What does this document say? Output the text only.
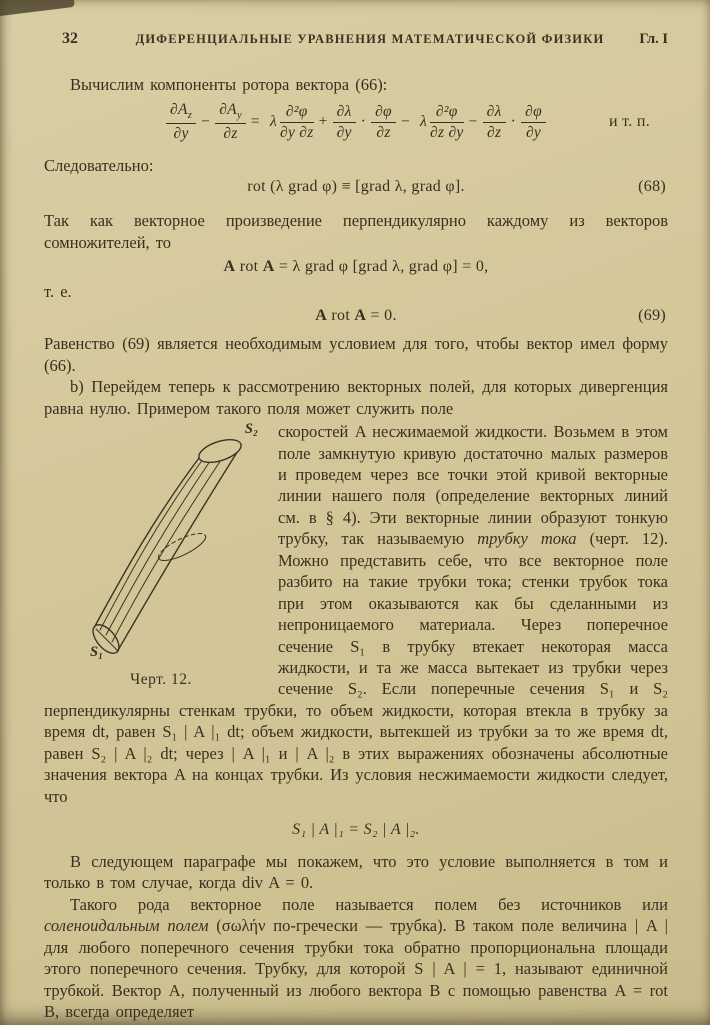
32	ДИФЕРЕНЦИАЛЬНЫЕ УРАВНЕНИЯ МАТЕМАТИЧЕСКОЙ ФИЗИКИ	Гл. I

Вычислим компоненты ротора вектора (66):

$\frac{\partial A_z}{\partial y} - \frac{\partial A_y}{\partial z} = \lambda \frac{\text{∂²φ}}{\partial y \partial z} + \frac{\partial\lambda}{\partial y} \cdot \frac{\partial\varphi}{\partial z} - \lambda \frac{\text{∂²φ}}{\partial z \partial y} - \frac{\partial\lambda}{\partial z} \cdot \frac{\partial\varphi}{\partial y}$	и т. п.

Следовательно:

rot (λ grad φ) ≡ [grad λ, grad φ].	(68)

Так как векторное произведение перпендикулярно каждому из векторов сомножителей, то

A rot A = λ grad φ [grad λ, grad φ] = 0,

т. е.

A rot A = 0.	(69)

Равенство (69) является необходимым условием для того, чтобы вектор имел форму (66).

b) Перейдем теперь к рассмотрению векторных полей, для которых дивергенция равна нулю. Примером такого поля может служить поле

S₂
S₁
Черт. 12.

скоростей A несжимаемой жидкости. Возьмем в этом поле замкнутую кривую достаточно малых размеров и проведем через все точки этой кривой векторные линии нашего поля (определение векторных линий см. в § 4). Эти векторные линии образуют тонкую трубку, так называемую трубку тока (черт. 12). Можно представить себе, что все векторное поле разбито на такие трубки тока; стенки трубок тока при этом оказываются как бы сделанными из непроницаемого материала. Через поперечное сечение S₁ в трубку втекает некоторая масса жидкости, и та же масса вытекает из трубки через сечение S₂. Если поперечные сечения S₁ и S₂ перпендикулярны стенкам трубки, то объем жидкости, которая втекла в трубку за время dt, равен S₁ | A |₁ dt; объем жидкости, вытекшей из трубки за то же время dt, равен S₂ | A |₂ dt; через | A |₁ и | A |₂ в этих выражениях обозначены абсолютные значения вектора A на концах трубки. Из условия несжимаемости жидкости следует, что

S₁ | A |₁ = S₂ | A |₂.

В следующем параграфе мы покажем, что это условие выполняется в том и только в том случае, когда div A = 0.

Такого рода векторное поле называется полем без источников или соленоидальным полем (σωλήν по-гречески — трубка). В таком поле величина | A | для любого поперечного сечения трубки тока обратно пропорциональна площади этого поперечного сечения. Трубку, для которой S | A | = 1, называют единичной трубкой. Вектор A, полученный из любого вектора B с помощью равенства A = rot B, всегда определяет
